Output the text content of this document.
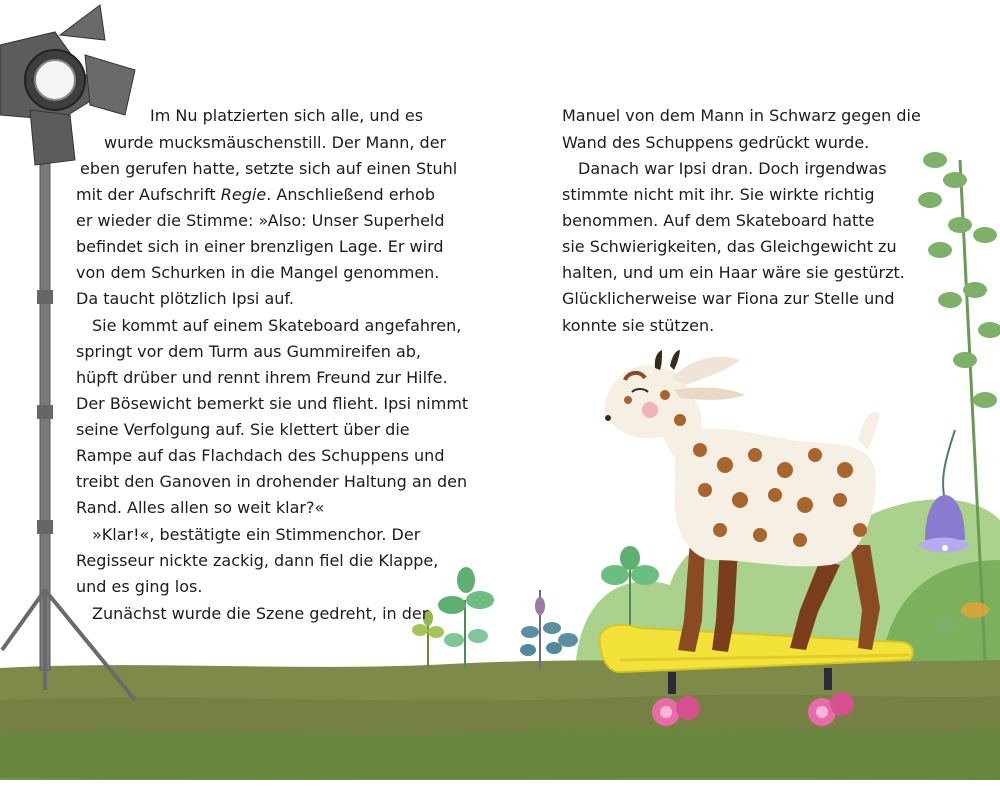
Im Nu platzierten sich alle, und es
wurde mucksmäuschenstill. Der Mann, der
eben gerufen hatte, setzte sich auf einen Stuhl
mit der Aufschrift Regie. Anschließend erhob
er wieder die Stimme: »Also: Unser Superheld
befindet sich in einer brenzligen Lage. Er wird
von dem Schurken in die Mangel genommen.
Da taucht plötzlich Ipsi auf.
Sie kommt auf einem Skateboard angefahren,
springt vor dem Turm aus Gummireifen ab,
hüpft drüber und rennt ihrem Freund zur Hilfe.
Der Bösewicht bemerkt sie und flieht. Ipsi nimmt
seine Verfolgung auf. Sie klettert über die
Rampe auf das Flachdach des Schuppens und
treibt den Ganoven in drohender Haltung an den
Rand. Alles allen so weit klar?«
»Klar!«, bestätigte ein Stimmenchor. Der
Regisseur nickte zackig, dann fiel die Klappe,
und es ging los.
Zunächst wurde die Szene gedreht, in der
Manuel von dem Mann in Schwarz gegen die
Wand des Schuppens gedrückt wurde.
Danach war Ipsi dran. Doch irgendwas
stimmte nicht mit ihr. Sie wirkte richtig
benommen. Auf dem Skateboard hatte
sie Schwierigkeiten, das Gleichgewicht zu
halten, und um ein Haar wäre sie gestürzt.
Glücklicherweise war Fiona zur Stelle und
konnte sie stützen.
